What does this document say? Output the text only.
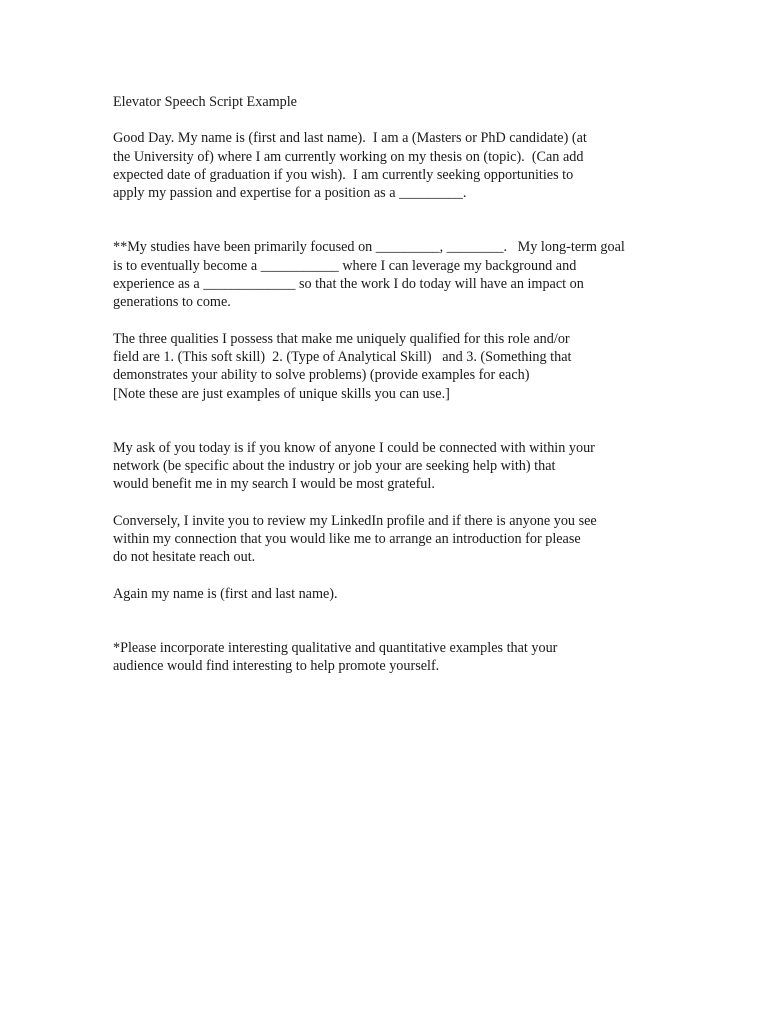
Elevator Speech Script Example
Good Day. My name is (first and last name).  I am a (Masters or PhD candidate) (at
the University of) where I am currently working on my thesis on (topic).  (Can add
expected date of graduation if you wish).  I am currently seeking opportunities to
apply my passion and expertise for a position as a _________.
**My studies have been primarily focused on _________, ________.   My long-term goal
is to eventually become a ___________ where I can leverage my background and
experience as a _____________ so that the work I do today will have an impact on
generations to come.
The three qualities I possess that make me uniquely qualified for this role and/or
field are 1. (This soft skill)  2. (Type of Analytical Skill)   and 3. (Something that
demonstrates your ability to solve problems) (provide examples for each)
[Note these are just examples of unique skills you can use.]
My ask of you today is if you know of anyone I could be connected with within your
network (be specific about the industry or job your are seeking help with) that
would benefit me in my search I would be most grateful.
Conversely, I invite you to review my LinkedIn profile and if there is anyone you see
within my connection that you would like me to arrange an introduction for please
do not hesitate reach out.
Again my name is (first and last name).
*Please incorporate interesting qualitative and quantitative examples that your
audience would find interesting to help promote yourself.
